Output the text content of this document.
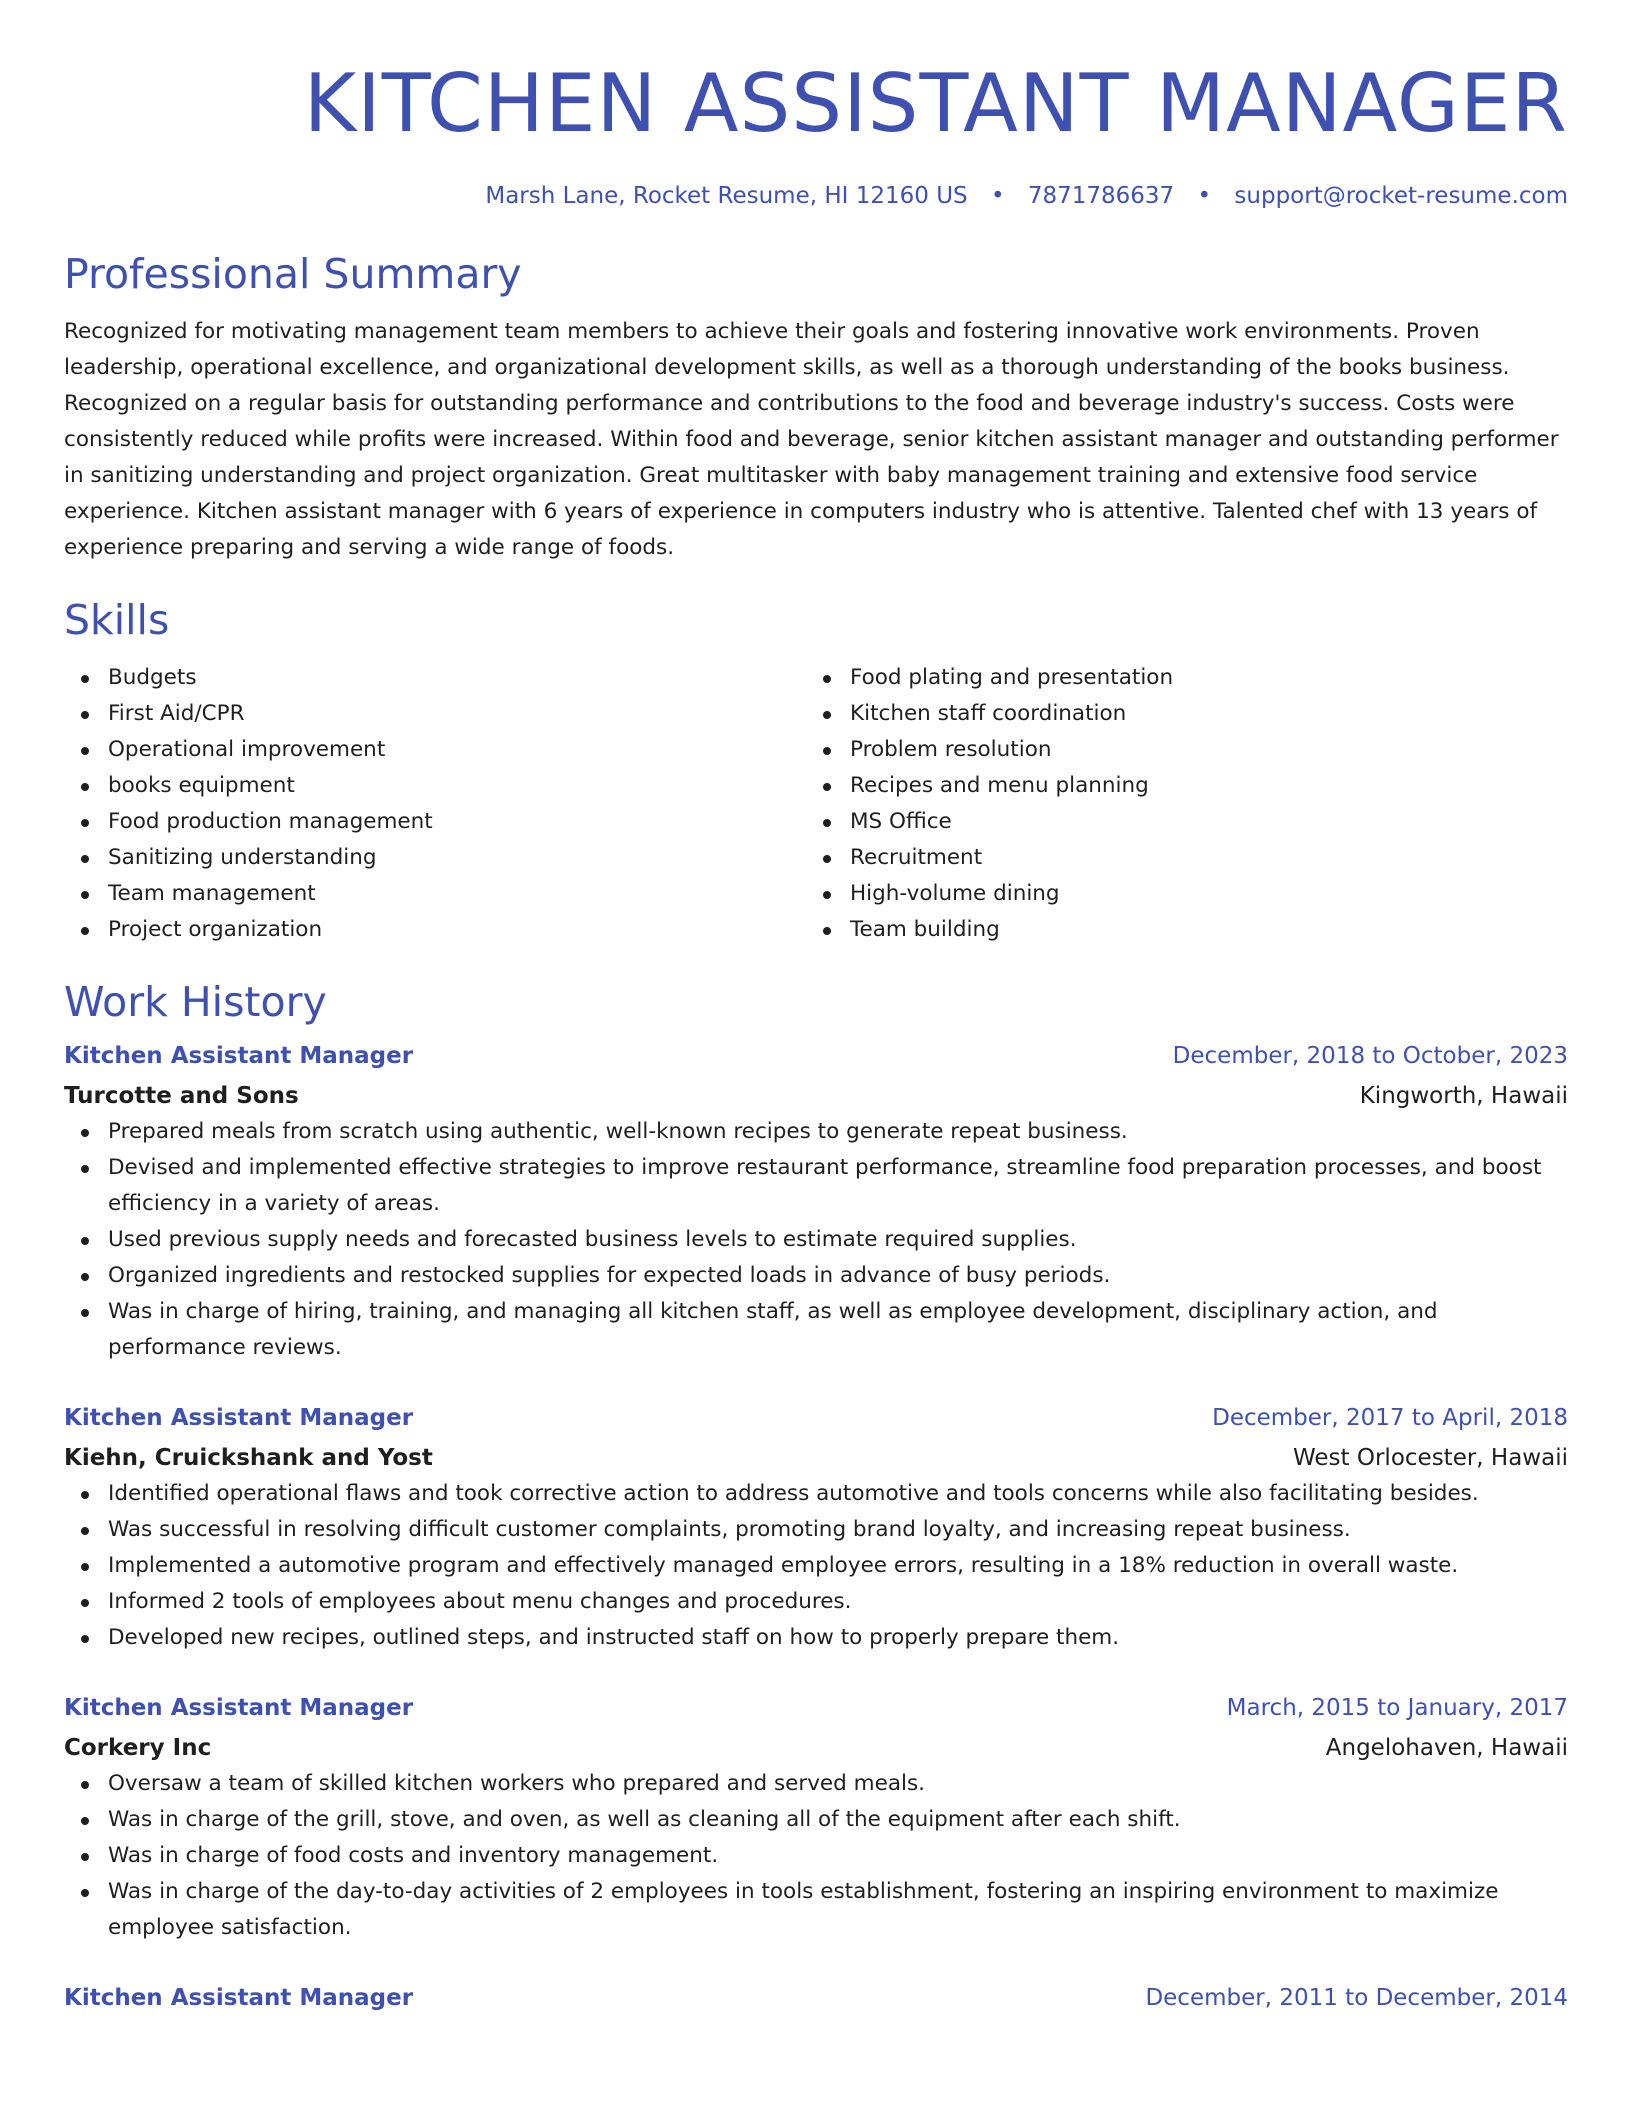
KITCHEN ASSISTANT MANAGER
Marsh Lane, Rocket Resume, HI 12160 US • 7871786637 • support@rocket-resume.com
Professional Summary
Recognized for motivating management team members to achieve their goals and fostering innovative work environments. Proven leadership, operational excellence, and organizational development skills, as well as a thorough understanding of the books business. Recognized on a regular basis for outstanding performance and contributions to the food and beverage industry's success. Costs were consistently reduced while profits were increased. Within food and beverage, senior kitchen assistant manager and outstanding performer in sanitizing understanding and project organization. Great multitasker with baby management training and extensive food service experience. Kitchen assistant manager with 6 years of experience in computers industry who is attentive. Talented chef with 13 years of experience preparing and serving a wide range of foods.
Skills
Budgets
First Aid/CPR
Operational improvement
books equipment
Food production management
Sanitizing understanding
Team management
Project organization
Food plating and presentation
Kitchen staff coordination
Problem resolution
Recipes and menu planning
MS Office
Recruitment
High-volume dining
Team building
Work History
Kitchen Assistant Manager	December, 2018 to October, 2023
Turcotte and Sons	Kingworth, Hawaii
Prepared meals from scratch using authentic, well-known recipes to generate repeat business.
Devised and implemented effective strategies to improve restaurant performance, streamline food preparation processes, and boost efficiency in a variety of areas.
Used previous supply needs and forecasted business levels to estimate required supplies.
Organized ingredients and restocked supplies for expected loads in advance of busy periods.
Was in charge of hiring, training, and managing all kitchen staff, as well as employee development, disciplinary action, and performance reviews.
Kitchen Assistant Manager	December, 2017 to April, 2018
Kiehn, Cruickshank and Yost	West Orlocester, Hawaii
Identified operational flaws and took corrective action to address automotive and tools concerns while also facilitating besides.
Was successful in resolving difficult customer complaints, promoting brand loyalty, and increasing repeat business.
Implemented a automotive program and effectively managed employee errors, resulting in a 18% reduction in overall waste.
Informed 2 tools of employees about menu changes and procedures.
Developed new recipes, outlined steps, and instructed staff on how to properly prepare them.
Kitchen Assistant Manager	March, 2015 to January, 2017
Corkery Inc	Angelohaven, Hawaii
Oversaw a team of skilled kitchen workers who prepared and served meals.
Was in charge of the grill, stove, and oven, as well as cleaning all of the equipment after each shift.
Was in charge of food costs and inventory management.
Was in charge of the day-to-day activities of 2 employees in tools establishment, fostering an inspiring environment to maximize employee satisfaction.
Kitchen Assistant Manager	December, 2011 to December, 2014
